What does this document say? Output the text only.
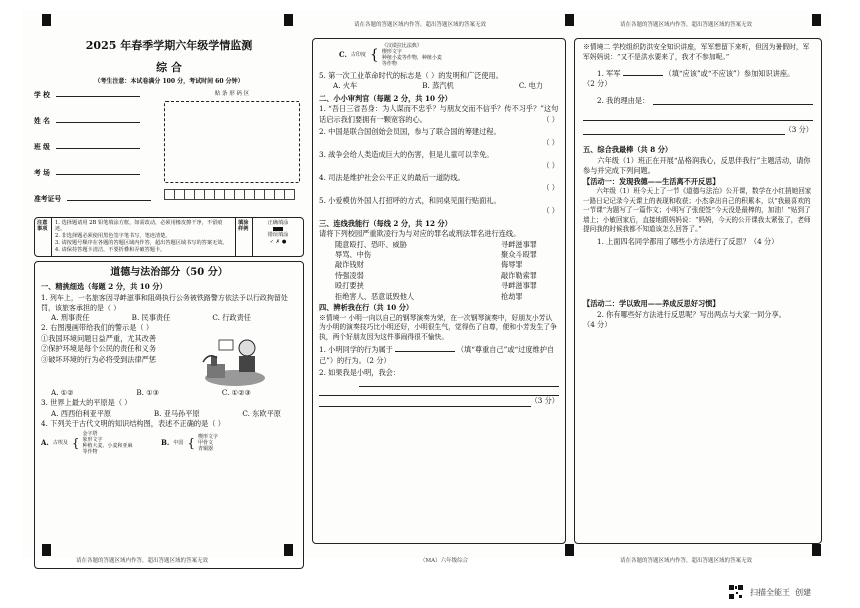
请在各题的答题区域内作答，超出答题区域的答案无效	请在各题的答题区域内作答，超出答题区域的答案无效
2025 年春季学期六年级学情监测
综 合
（考生注意：本试卷满分 100 分，考试时间 60 分钟）
学 校
姓 名
班 级
考 场
准考证号
贴 条 形 码 区

注意事项
1. 选择题请用 2B 铅笔填涂方框，如需改动，必须用橡皮擦干净，不留痕迹。
2. 非选择题必须使用黑色签字笔书写，笔迹清楚。
3. 请按题号顺序在各题的答题区域内作答，超出答题区域书写的答案无效。
4. 请保持答题卡清洁，不要折叠和弄破答题卡。
填涂样例
正确填涂
错误填涂
✓ ✗ ●
道德与法治部分（50 分）
一、精挑细选（每题 2 分，共 10 分）
1. 列车上，一名旅客因寻衅滋事和阻碍执行公务被铁路警方依法予以行政拘留处罚，该旅客承担的是（ ）
A. 刑事责任	B. 民事责任	C. 行政责任
2. 右图漫画带给我们的警示是（ ）
①我国环境问题日益严重，尤其改善
②保护环境是每个公民的责任和义务
③破坏环境的行为必将受到法律严惩
A. ①②	B. ①③	C. ①②③
3. 世界上最大的平原是（ ）
A. 西西伯利亚平原	B. 亚马孙平原	C. 东欧平原
4. 下列关于古代文明的知识结构图，表述不正确的是（ ）
A. 古埃及 {
金字塔
象形文字
种植大麦、小麦和亚麻等作物
B. 中国 { 楔形文字
甲骨文
青铜器
C. 古印度 {
《汉谟拉比法典》
楔形文字
种植小麦等作物，种植小麦等作物
5. 第一次工业革命时代的标志是（ ）的发明和广泛使用。
A. 火车	B. 蒸汽机	C. 电力
二、小小审判官（每题 2 分，共 10 分）
1. “吾日三省吾身：为人谋而不忠乎？与朋友交而不信乎？传不习乎？”这句话启示我们要拥有一颗宽容的心。	（ ）
2. 中国是联合国创始会员国，参与了联合国的筹建过程。
（ ）
3. 战争会给人类造成巨大的伤害，但是儿童可以幸免。
（ ）
4. 司法是维护社会公平正义的最后一道防线。
（ ）
5. 小爱模仿外国人打招呼的方式，和同桌见面行贴面礼。
（ ）
三、连线我能行（每线 2 分，共 12 分）
请将下列校园严重欺凌行为与对应的罪名或刑法罪名进行连线。
随意殴打、恐吓、威胁
辱骂、中伤
敲诈钱财
恃强凌弱
殴打要挟
拒绝害人、恶意诋毁他人
寻衅滋事罪
聚众斗殴罪
侮辱罪
敲诈勒索罪
寻衅滋事罪
抢劫罪
四、辨析我在行（共 10 分）
※情境一 小明一向以自己的钢琴演奏为荣，在一次钢琴演奏中，好朋友小芳认为小明的演奏技巧比小明还好，小明很生气，觉得伤了自尊，便和小芳发生了争执，两个好朋友因为这件事闹得很不愉快。
1. 小明同学的行为属于	（填“尊重自己”或“过度维护自己”）的行为。（2 分）
2. 如果我是小明，我会：
（3 分）
※情境二 学校组织防洪安全知识讲座，军军想留下来听，但因为暑假时，军军妈妈说：“又不是洪水要来了，我才不参加呢。”
1. 军军	（填“应该”或“不应该”）参加知识讲座。
（2 分）
2. 我的理由是：
（3 分）
五、综合我最棒（共 8 分）
六年级（1）班正在开展“品格润我心，反思伴我行”主题活动，请你参与并完成下列问题。
【活动一：发现我德——生活离不开反思】
六年级（1）班今天上了一节《道德与法治》公开课，数学在小红捎她回家一路日记记录今天课上的表现和收获；小杰拿出自己的积累本，以“我最喜欢的一节课”为题写了一篇作文；小明写了张便签“今天没是最棒的，加油！”贴到了墙上；小敏回家后，直接地跟妈妈说：“妈妈，今天的公开课我太紧张了，老师提问我的时候我都不知道该怎么回答了。”
1. 上面四名同学都用了哪些小方法进行了反思？（4 分）
【活动二：学以致用——养成反思好习惯】
2. 你有哪些好方法进行反思呢？写出两点与大家一同分享。
（4 分）
请在各题的答题区域内作答，超出答题区域的答案无效	（MA）六年级综合	请在各题的答题区域内作答，超出答题区域的答案无效
扫描全能王  创建
